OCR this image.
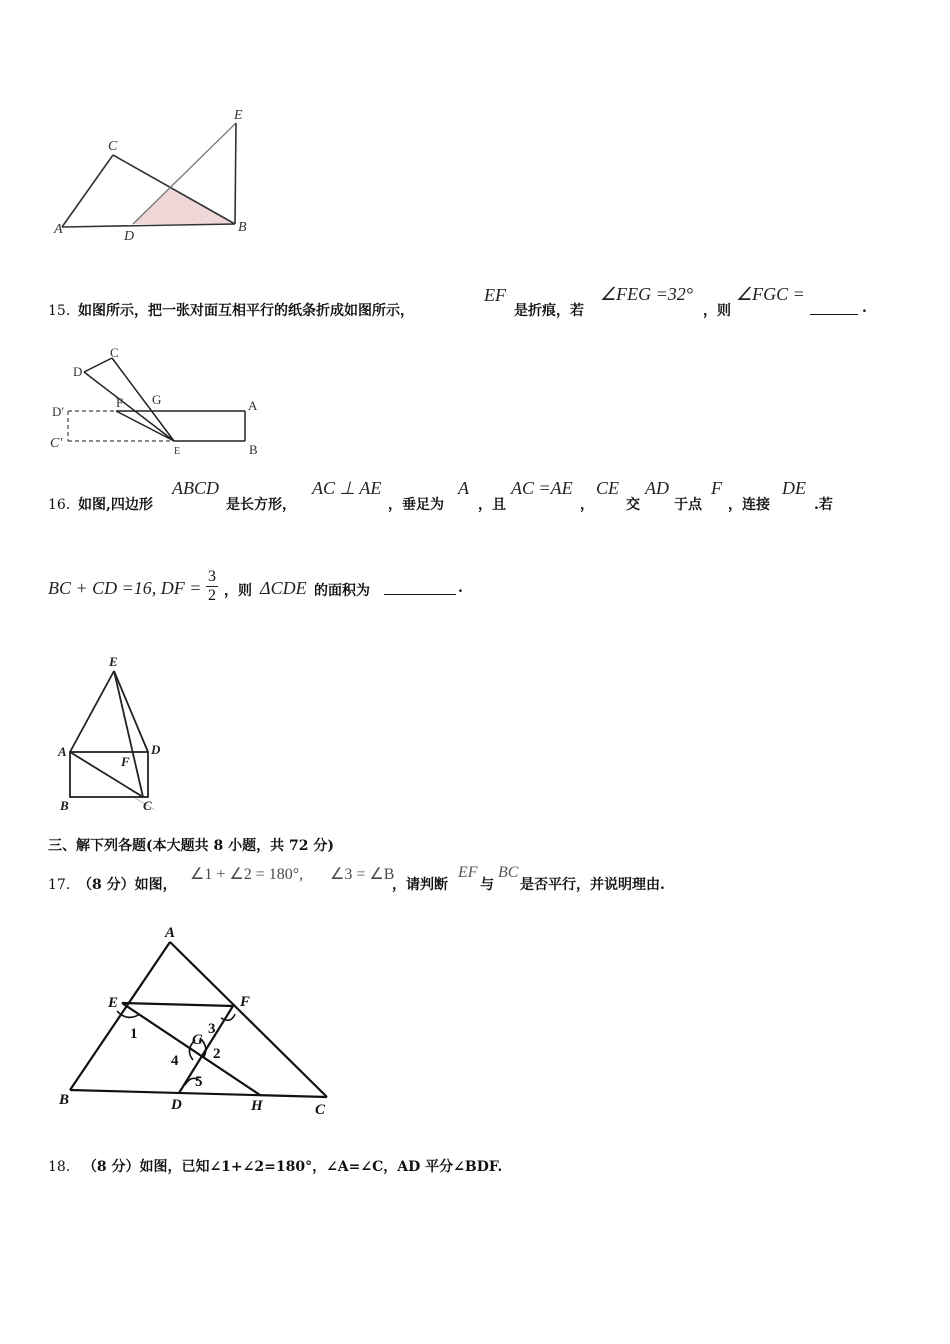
A	B
C
D
E
15．
如图所示，把一张对面互相平行的纸条折成如图所示，
EF
是折痕，若
∠FEG =32°
，则
∠FGC =
.
C
D
D′
F G	A
C′
E	B
16．
如图,四边形
ABCD
是长方形，
AC ⊥ AE
，垂足为
A
，且
AC =AE
，
CE
交
AD
于点
F
，连接
DE
.若
BC + CD =16, DF = $\frac{3}{2}$ ，则 ΔCDE 的面积为	.
E
A	D
F
B	C
三、解下列各题(本大题共 8 小题，共 72 分)
17．
（8 分）如图，
∠1 + ∠2 = 180°, ∠3 = ∠B
，请判断
EF
与
BC
是否平行，并说明理由.
A
E	F
1	3
G
2
4
5
B	D	H	C
18． （8 分）如图，已知∠1+∠2=180°，∠A=∠C，AD 平分∠BDF.
